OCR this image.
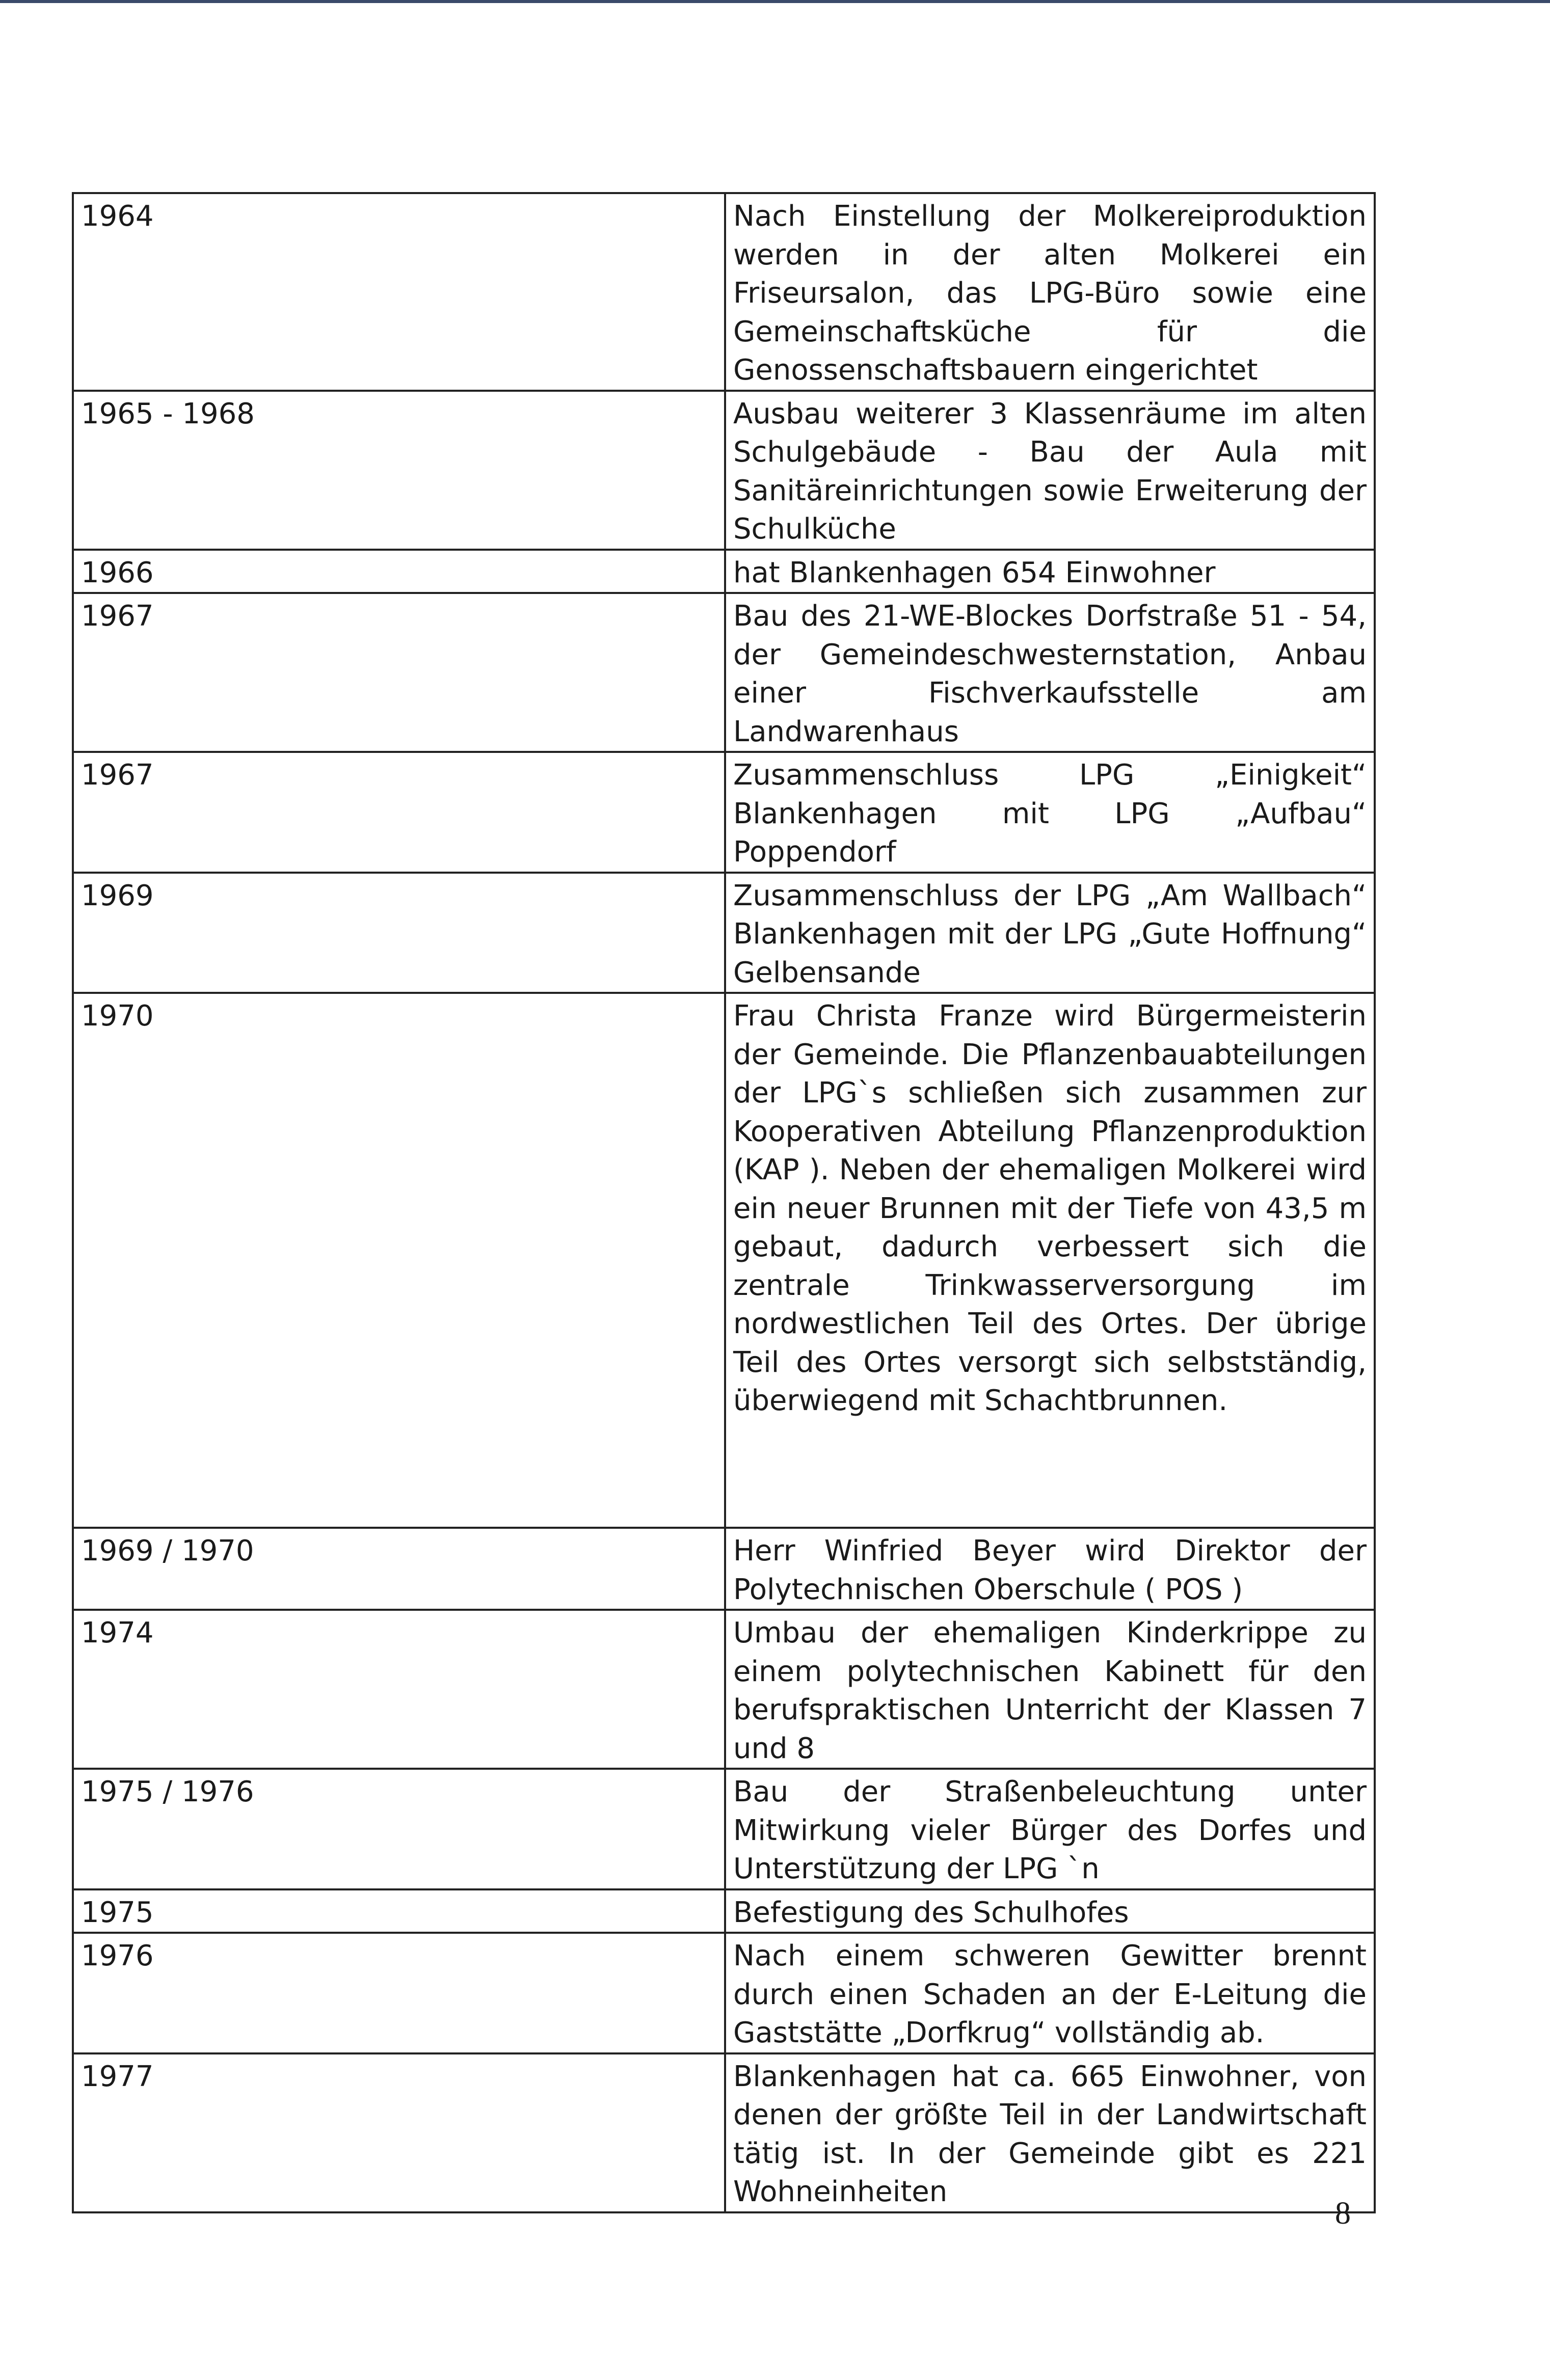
1964	Nach Einstellung der Molkereiproduktion werden in der alten Molkerei ein Friseursalon, das LPG-Büro sowie eine Gemeinschaftsküche für die Genossenschaftsbauern eingerichtet
1965 - 1968	Ausbau weiterer 3 Klassenräume im alten Schulgebäude - Bau der Aula mit Sanitäreinrichtungen sowie Erweiterung der Schulküche
1966	hat Blankenhagen 654 Einwohner
1967	Bau des 21-WE-Blockes Dorfstraße 51 - 54, der Gemeindeschwesternstation, Anbau einer Fischverkaufsstelle am Landwarenhaus
1967	Zusammenschluss LPG „Einigkeit“ Blankenhagen mit LPG „Aufbau“ Poppendorf
1969	Zusammenschluss der LPG „Am Wallbach“ Blankenhagen mit der LPG „Gute Hoffnung“ Gelbensande
1970	Frau Christa Franze wird Bürgermeisterin der Gemeinde. Die Pflanzenbauabteilungen der LPG`s schließen sich zusammen zur Kooperativen Abteilung Pflanzenproduktion (KAP ). Neben der ehemaligen Molkerei wird ein neuer Brunnen mit der Tiefe von 43,5 m gebaut, dadurch verbessert sich die zentrale Trinkwasserversorgung im nordwestlichen Teil des Ortes. Der übrige Teil des Ortes versorgt sich selbstständig, überwiegend mit Schachtbrunnen.
1969 / 1970	Herr Winfried Beyer wird Direktor der Polytechnischen Oberschule ( POS )
1974	Umbau der ehemaligen Kinderkrippe zu einem polytechnischen Kabinett für den berufspraktischen Unterricht der Klassen 7 und 8
1975 / 1976	Bau der Straßenbeleuchtung unter Mitwirkung vieler Bürger des Dorfes und Unterstützung der LPG `n
1975	Befestigung des Schulhofes
1976	Nach einem schweren Gewitter brennt durch einen Schaden an der E-Leitung die Gaststätte „Dorfkrug“ vollständig ab.
1977	Blankenhagen hat ca. 665 Einwohner, von denen der größte Teil in der Landwirtschaft tätig ist. In der Gemeinde gibt es 221 Wohneinheiten
8
